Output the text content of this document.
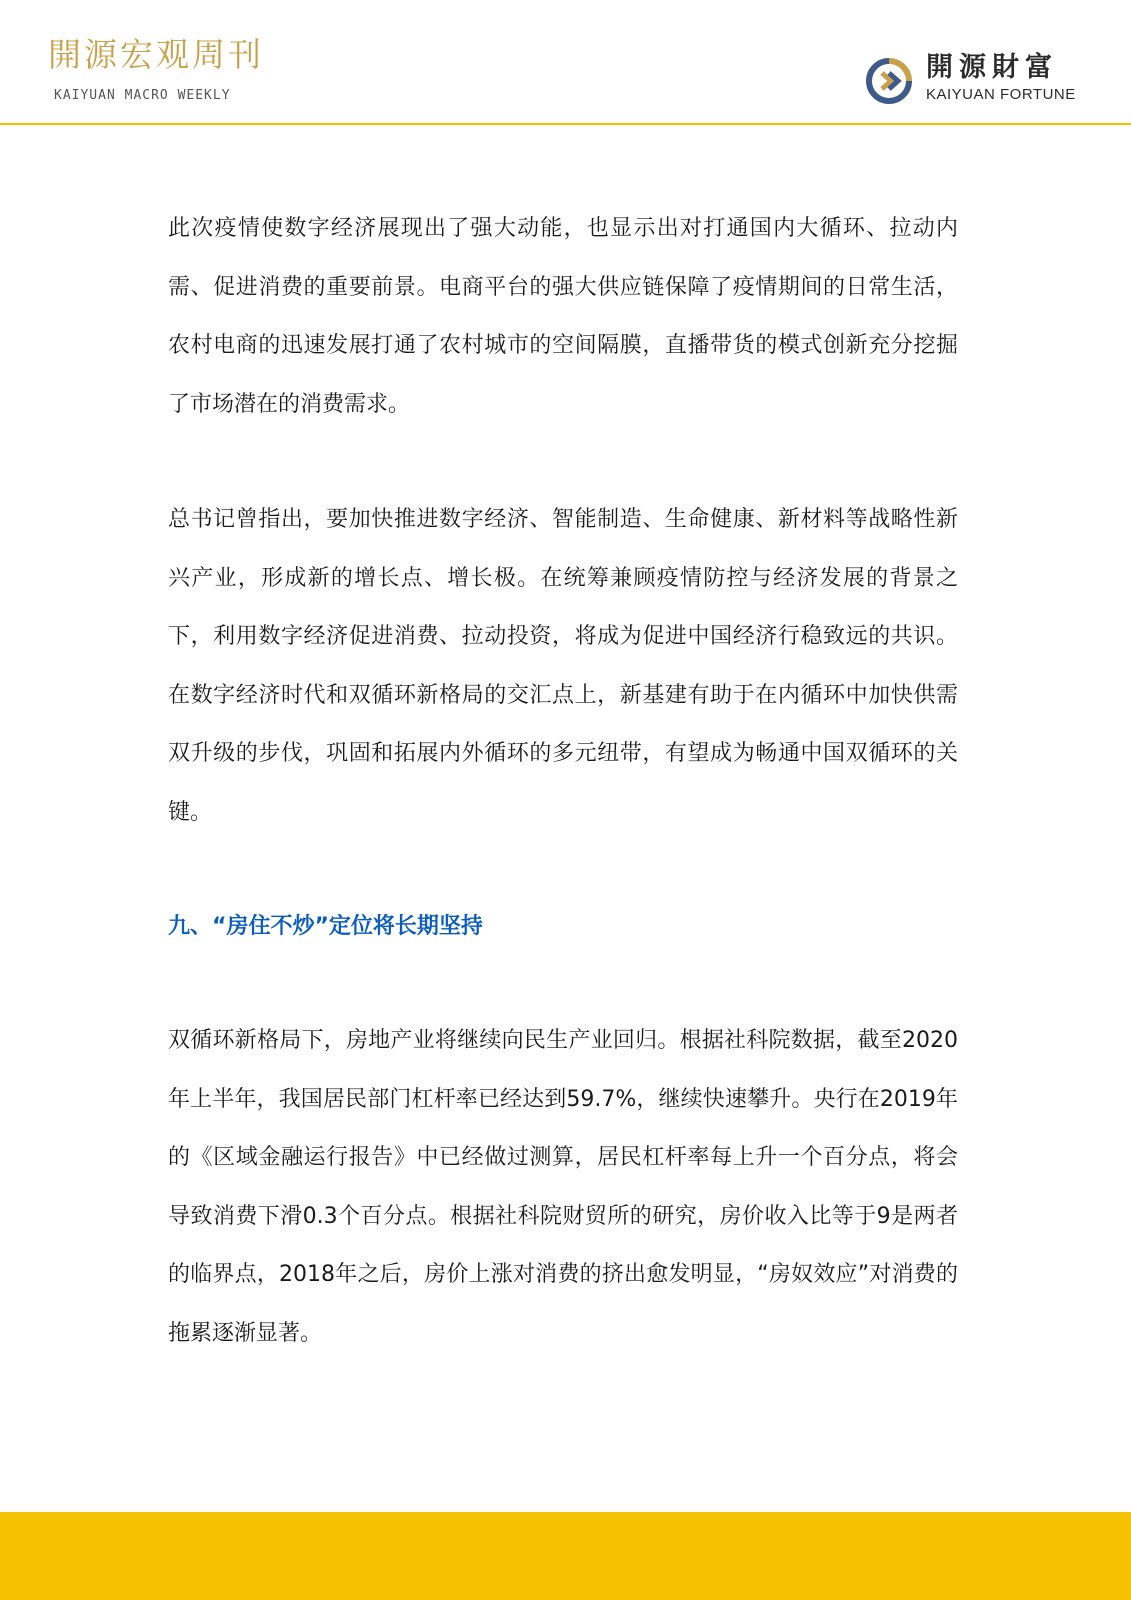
開源宏观周刊
KAIYUAN MACRO WEEKLY
開源財富
KAIYUAN FORTUNE

此次疫情使数字经济展现出了强大动能，也显示出对打通国内大循环、拉动内需、促进消费的重要前景。电商平台的强大供应链保障了疫情期间的日常生活，农村电商的迅速发展打通了农村城市的空间隔膜，直播带货的模式创新充分挖掘了市场潜在的消费需求。

总书记曾指出，要加快推进数字经济、智能制造、生命健康、新材料等战略性新兴产业，形成新的增长点、增长极。在统筹兼顾疫情防控与经济发展的背景之下，利用数字经济促进消费、拉动投资，将成为促进中国经济行稳致远的共识。在数字经济时代和双循环新格局的交汇点上，新基建有助于在内循环中加快供需双升级的步伐，巩固和拓展内外循环的多元纽带，有望成为畅通中国双循环的关键。

九、“房住不炒”定位将长期坚持

双循环新格局下，房地产业将继续向民生产业回归。根据社科院数据，截至2020年上半年，我国居民部门杠杆率已经达到59.7%，继续快速攀升。央行在2019年的《区域金融运行报告》中已经做过测算，居民杠杆率每上升一个百分点，将会导致消费下滑0.3个百分点。根据社科院财贸所的研究，房价收入比等于9是两者的临界点，2018年之后，房价上涨对消费的挤出愈发明显，“房奴效应”对消费的拖累逐渐显著。
